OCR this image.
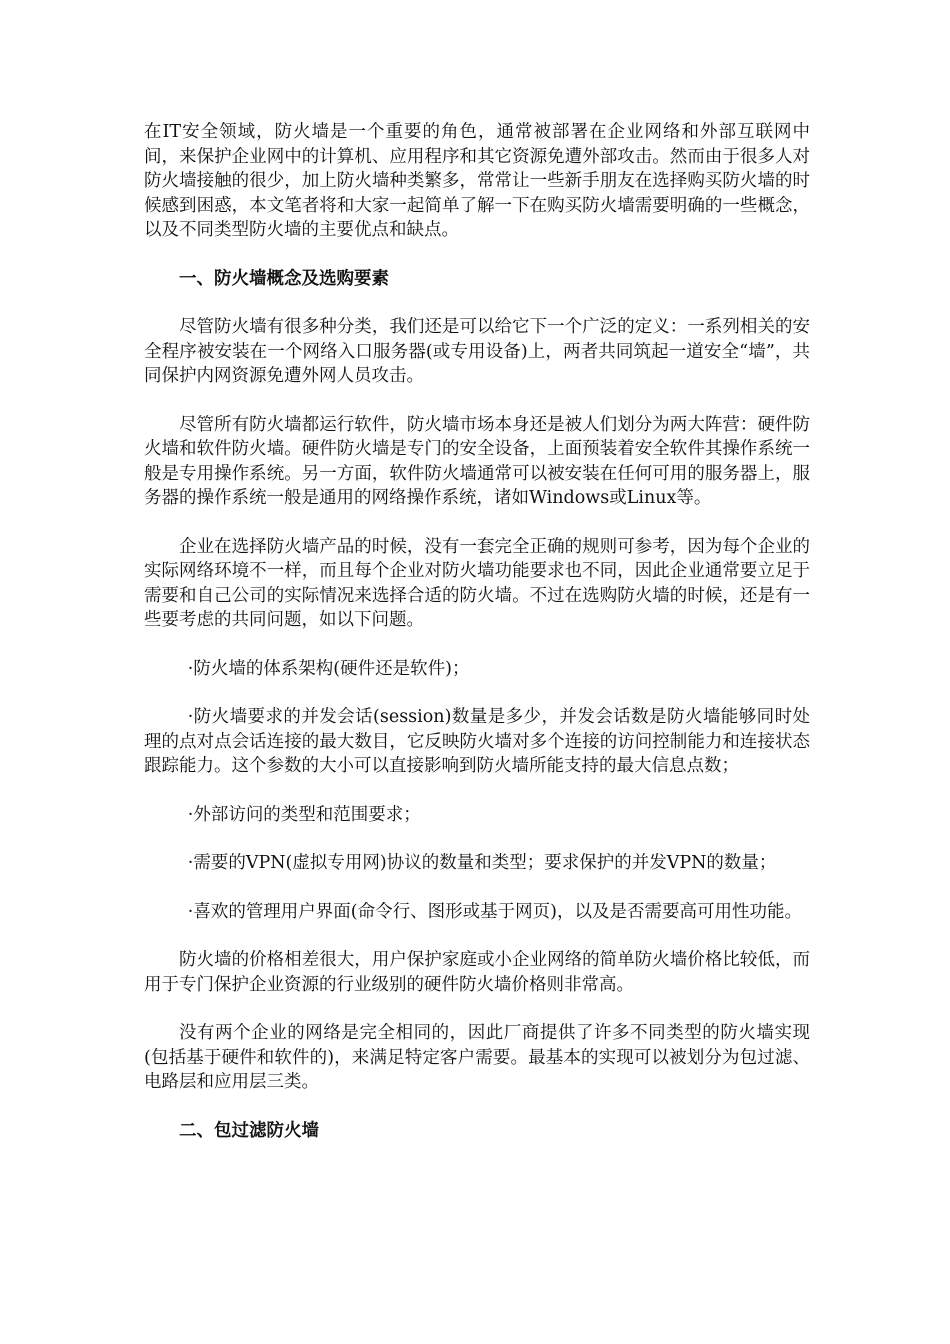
在IT安全领域，防火墙是一个重要的角色，通常被部署在企业网络和外部互联网中间，来保护企业网中的计算机、应用程序和其它资源免遭外部攻击。然而由于很多人对防火墙接触的很少，加上防火墙种类繁多，常常让一些新手朋友在选择购买防火墙的时候感到困惑，本文笔者将和大家一起简单了解一下在购买防火墙需要明确的一些概念，以及不同类型防火墙的主要优点和缺点。

一、防火墙概念及选购要素

尽管防火墙有很多种分类，我们还是可以给它下一个广泛的定义：一系列相关的安全程序被安装在一个网络入口服务器(或专用设备)上，两者共同筑起一道安全“墙”，共同保护内网资源免遭外网人员攻击。

尽管所有防火墙都运行软件，防火墙市场本身还是被人们划分为两大阵营：硬件防火墙和软件防火墙。硬件防火墙是专门的安全设备，上面预装着安全软件其操作系统一般是专用操作系统。另一方面，软件防火墙通常可以被安装在任何可用的服务器上，服务器的操作系统一般是通用的网络操作系统，诸如Windows或Linux等。

企业在选择防火墙产品的时候，没有一套完全正确的规则可参考，因为每个企业的实际网络环境不一样，而且每个企业对防火墙功能要求也不同，因此企业通常要立足于需要和自己公司的实际情况来选择合适的防火墙。不过在选购防火墙的时候，还是有一些要考虑的共同问题，如以下问题。

·防火墙的体系架构(硬件还是软件)；

·防火墙要求的并发会话(session)数量是多少，并发会话数是防火墙能够同时处理的点对点会话连接的最大数目，它反映防火墙对多个连接的访问控制能力和连接状态跟踪能力。这个参数的大小可以直接影响到防火墙所能支持的最大信息点数；

·外部访问的类型和范围要求；

·需要的VPN(虚拟专用网)协议的数量和类型；要求保护的并发VPN的数量；

·喜欢的管理用户界面(命令行、图形或基于网页)，以及是否需要高可用性功能。

防火墙的价格相差很大，用户保护家庭或小企业网络的简单防火墙价格比较低，而用于专门保护企业资源的行业级别的硬件防火墙价格则非常高。

没有两个企业的网络是完全相同的，因此厂商提供了许多不同类型的防火墙实现(包括基于硬件和软件的)，来满足特定客户需要。最基本的实现可以被划分为包过滤、电路层和应用层三类。

二、包过滤防火墙
